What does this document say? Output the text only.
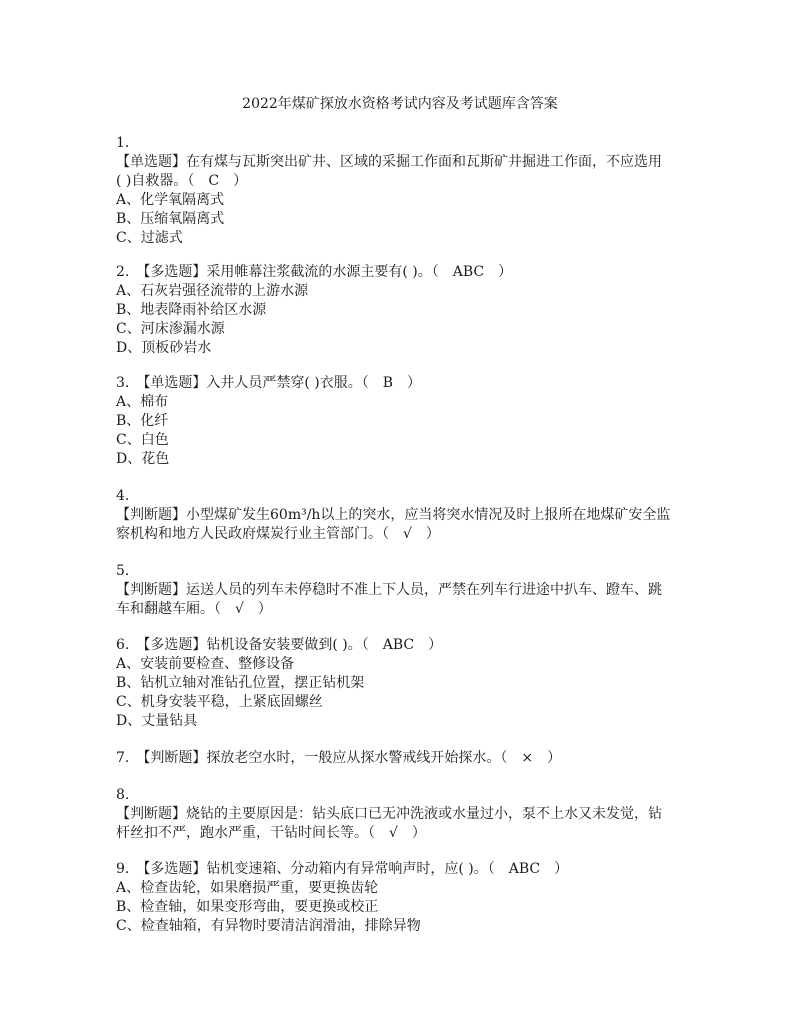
2022年煤矿探放水资格考试内容及考试题库含答案
1.
【单选题】在有煤与瓦斯突出矿井、区域的采掘工作面和瓦斯矿井掘进工作面，不应选用
( )自救器。（　C　）
A、化学氧隔离式
B、压缩氧隔离式
C、过滤式
2.　【多选题】采用帷幕注浆截流的水源主要有( )。（　ABC　）
A、石灰岩强径流带的上游水源
B、地表降雨补给区水源
C、河床渗漏水源
D、顶板砂岩水
3.　【单选题】入井人员严禁穿( )衣服。（　B　）
A、棉布
B、化纤
C、白色
D、花色
4.
【判断题】小型煤矿发生60m³/h以上的突水，应当将突水情况及时上报所在地煤矿安全监
察机构和地方人民政府煤炭行业主管部门。（　√　）
5.
【判断题】运送人员的列车未停稳时不准上下人员，严禁在列车行进途中扒车、蹬车、跳
车和翻越车厢。（　√　）
6.　【多选题】钻机设备安装要做到( )。（　ABC　）
A、安装前要检查、整修设备
B、钻机立轴对准钻孔位置，摆正钻机架
C、机身安装平稳，上紧底固螺丝
D、丈量钻具
7.　【判断题】探放老空水时，一般应从探水警戒线开始探水。（　×　）
8.
【判断题】烧钻的主要原因是：钻头底口已无冲洗液或水量过小，泵不上水又未发觉，钻
杆丝扣不严，跑水严重，干钻时间长等。（　√　）
9.　【多选题】钻机变速箱、分动箱内有异常响声时，应( )。（　ABC　）
A、检查齿轮，如果磨损严重，要更换齿轮
B、检查轴，如果变形弯曲，要更换或校正
C、检查轴箱，有异物时要清洁润滑油，排除异物
